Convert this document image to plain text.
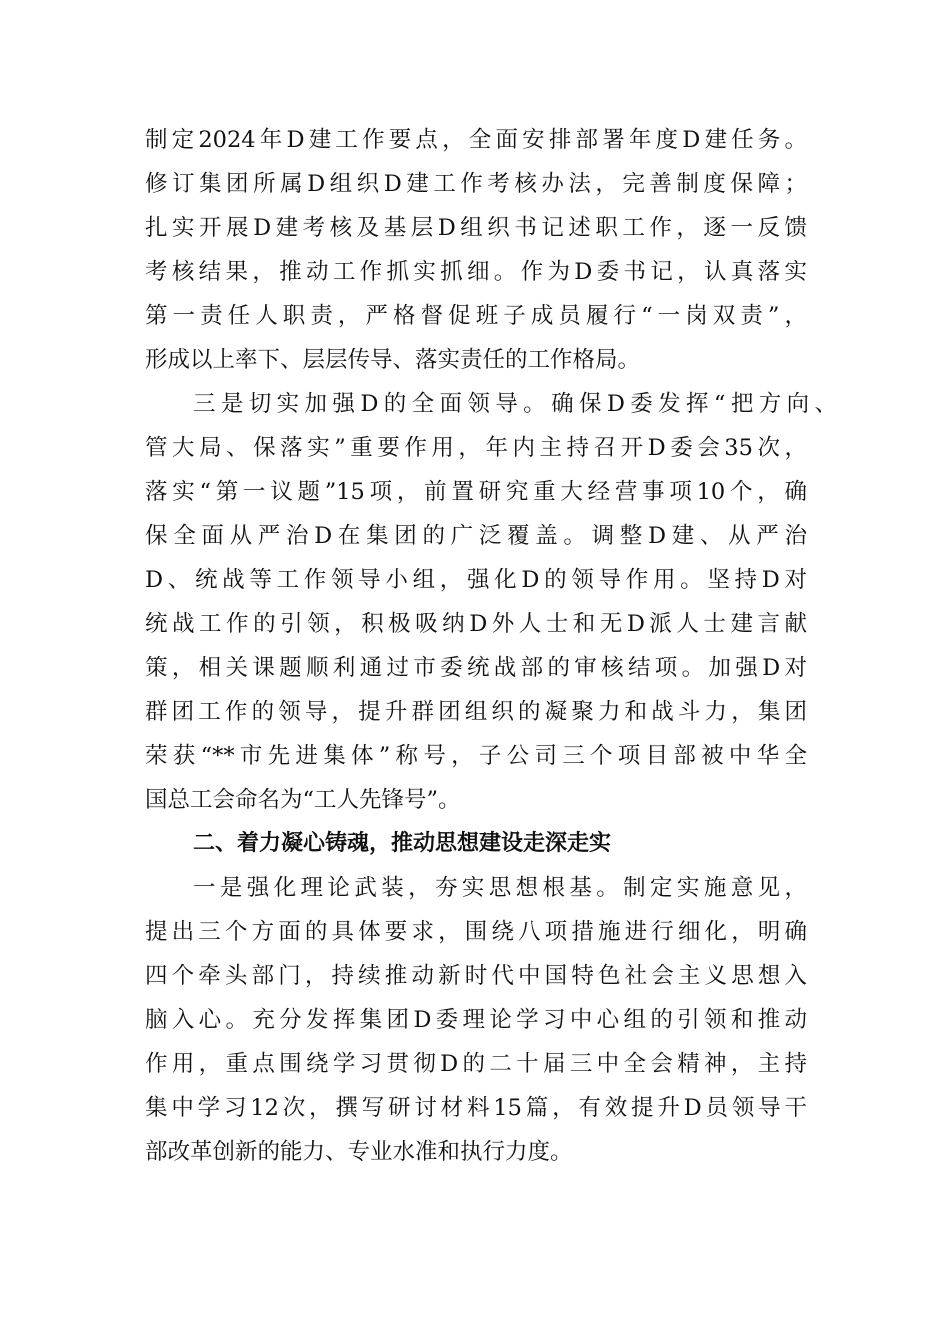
制定2024年D建工作要点，全面安排部署年度D建任务。
修订集团所属D组织D建工作考核办法，完善制度保障；
扎实开展D建考核及基层D组织书记述职工作，逐一反馈
考核结果，推动工作抓实抓细。作为D委书记，认真落实
第一责任人职责，严格督促班子成员履行“一岗双责”，
形成以上率下、层层传导、落实责任的工作格局。
三是切实加强D的全面领导。确保D委发挥“把方向、
管大局、保落实”重要作用，年内主持召开D委会35次，
落实“第一议题”15项，前置研究重大经营事项10个，确
保全面从严治D在集团的广泛覆盖。调整D建、从严治
D、统战等工作领导小组，强化D的领导作用。坚持D对
统战工作的引领，积极吸纳D外人士和无D派人士建言献
策，相关课题顺利通过市委统战部的审核结项。加强D对
群团工作的领导，提升群团组织的凝聚力和战斗力，集团
荣获“**市先进集体”称号，子公司三个项目部被中华全
国总工会命名为“工人先锋号”。
二、着力凝心铸魂，推动思想建设走深走实
一是强化理论武装，夯实思想根基。制定实施意见，
提出三个方面的具体要求，围绕八项措施进行细化，明确
四个牵头部门，持续推动新时代中国特色社会主义思想入
脑入心。充分发挥集团D委理论学习中心组的引领和推动
作用，重点围绕学习贯彻D的二十届三中全会精神，主持
集中学习12次，撰写研讨材料15篇，有效提升D员领导干
部改革创新的能力、专业水准和执行力度。
